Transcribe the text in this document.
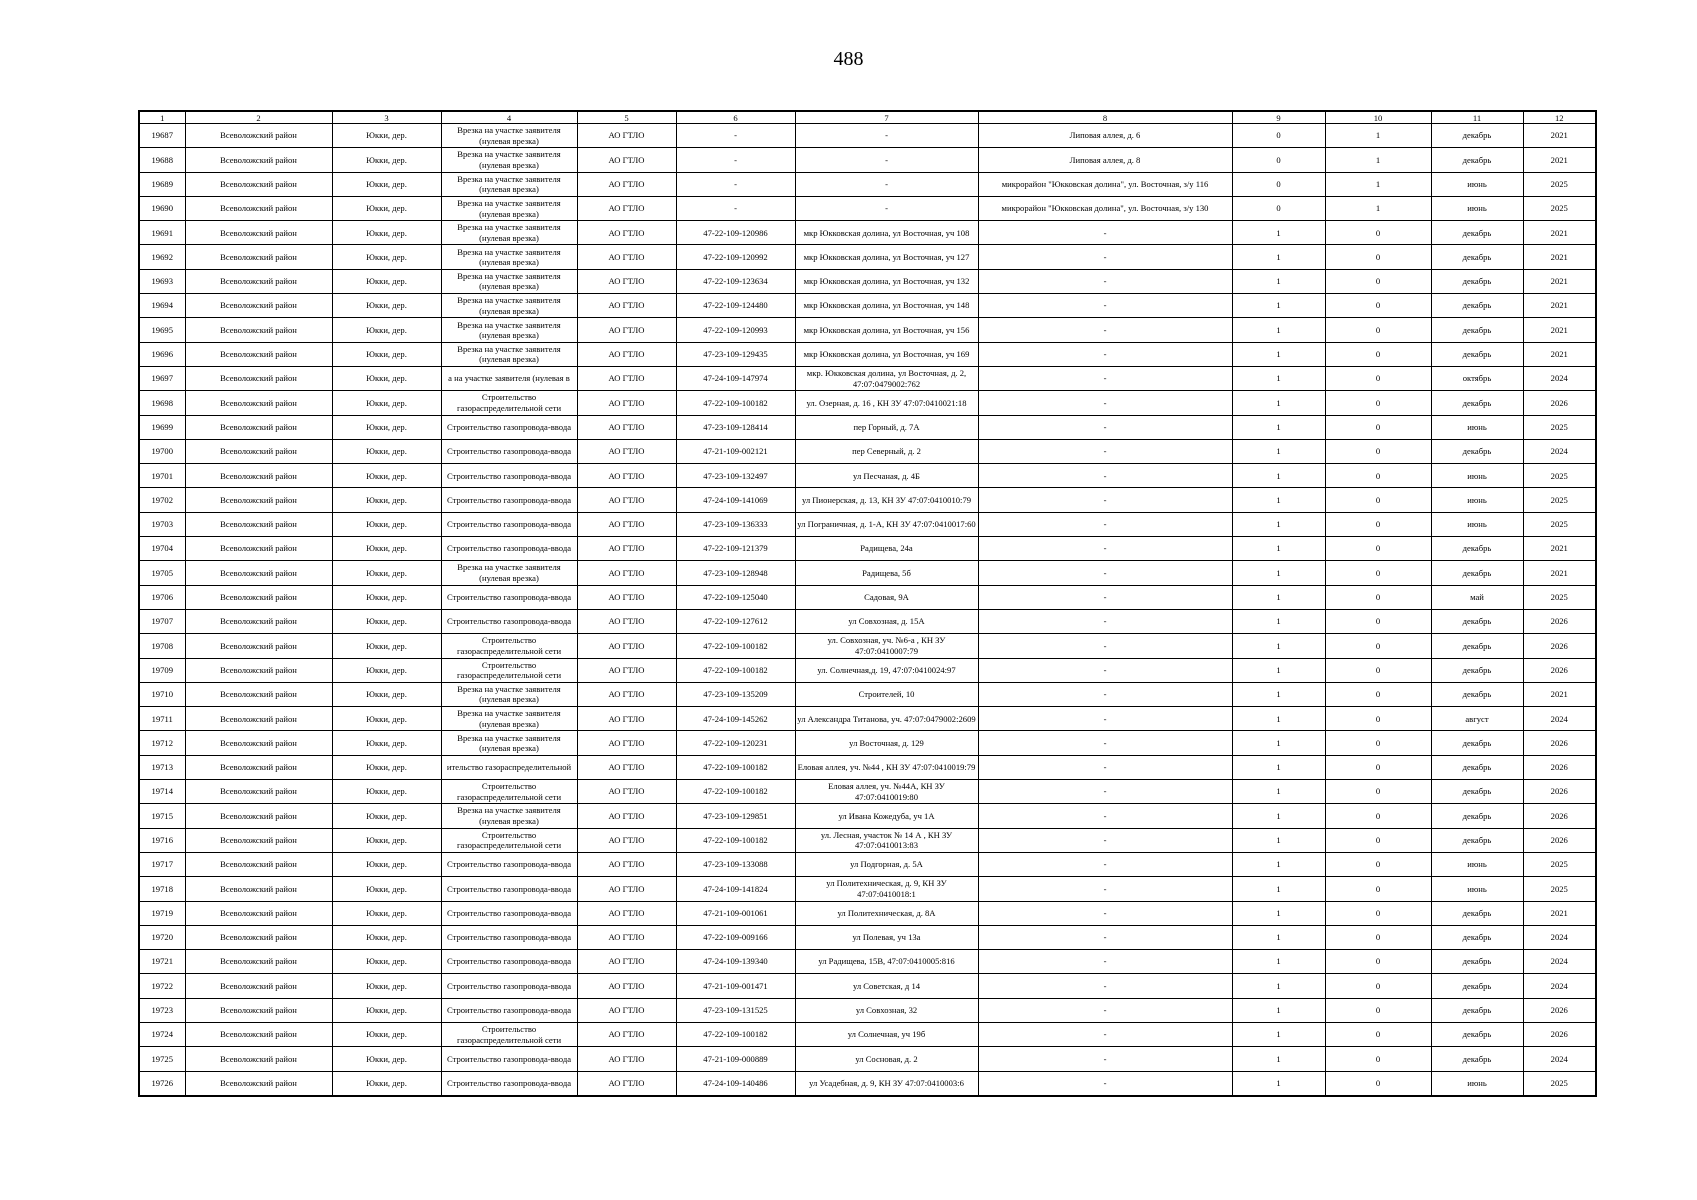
488
1	2	3	4	5	6	7	8	9	10	11	12
19687	Всеволожский район	Юкки, дер.	Врезка на участке заявителя (нулевая врезка)	АО ГТЛО	-	-	Липовая аллея, д. 6	0	1	декабрь	2021
19688	Всеволожский район	Юкки, дер.	Врезка на участке заявителя (нулевая врезка)	АО ГТЛО	-	-	Липовая аллея, д. 8	0	1	декабрь	2021
19689	Всеволожский район	Юкки, дер.	Врезка на участке заявителя (нулевая врезка)	АО ГТЛО	-	-	микрорайон "Юкковская долина", ул. Восточная, з/у 116	0	1	июнь	2025
19690	Всеволожский район	Юкки, дер.	Врезка на участке заявителя (нулевая врезка)	АО ГТЛО	-	-	микрорайон "Юкковская долина", ул. Восточная, з/у 130	0	1	июнь	2025
19691	Всеволожский район	Юкки, дер.	Врезка на участке заявителя (нулевая врезка)	АО ГТЛО	47-22-109-120986	мкр Юкковская долина, ул Восточная, уч 108	-	1	0	декабрь	2021
19692	Всеволожский район	Юкки, дер.	Врезка на участке заявителя (нулевая врезка)	АО ГТЛО	47-22-109-120992	мкр Юкковская долина, ул Восточная, уч 127	-	1	0	декабрь	2021
19693	Всеволожский район	Юкки, дер.	Врезка на участке заявителя (нулевая врезка)	АО ГТЛО	47-22-109-123634	мкр Юкковская долина, ул Восточная, уч 132	-	1	0	декабрь	2021
19694	Всеволожский район	Юкки, дер.	Врезка на участке заявителя (нулевая врезка)	АО ГТЛО	47-22-109-124480	мкр Юкковская долина, ул Восточная, уч 148	-	1	0	декабрь	2021
19695	Всеволожский район	Юкки, дер.	Врезка на участке заявителя (нулевая врезка)	АО ГТЛО	47-22-109-120993	мкр Юкковская долина, ул Восточная, уч 156	-	1	0	декабрь	2021
19696	Всеволожский район	Юкки, дер.	Врезка на участке заявителя (нулевая врезка)	АО ГТЛО	47-23-109-129435	мкр Юкковская долина, ул Восточная, уч 169	-	1	0	декабрь	2021
19697	Всеволожский район	Юкки, дер.	а на участке заявителя (нулевая в	АО ГТЛО	47-24-109-147974	мкр. Юкковская долина, ул Восточная, д. 2, 47:07:0479002:762	-	1	0	октябрь	2024
19698	Всеволожский район	Юкки, дер.	Строительство газораспределительной сети	АО ГТЛО	47-22-109-100182	ул. Озерная, д. 16 , КН ЗУ 47:07:0410021:18	-	1	0	декабрь	2026
19699	Всеволожский район	Юкки, дер.	Строительство газопровода-ввода	АО ГТЛО	47-23-109-128414	пер Горный, д. 7А	-	1	0	июнь	2025
19700	Всеволожский район	Юкки, дер.	Строительство газопровода-ввода	АО ГТЛО	47-21-109-002121	пер Северный, д. 2	-	1	0	декабрь	2024
19701	Всеволожский район	Юкки, дер.	Строительство газопровода-ввода	АО ГТЛО	47-23-109-132497	ул Песчаная, д. 4Б	-	1	0	июнь	2025
19702	Всеволожский район	Юкки, дер.	Строительство газопровода-ввода	АО ГТЛО	47-24-109-141069	ул Пионерская, д. 13, КН ЗУ 47:07:0410010:79	-	1	0	июнь	2025
19703	Всеволожский район	Юкки, дер.	Строительство газопровода-ввода	АО ГТЛО	47-23-109-136333	ул Пограничная, д. 1-А, КН ЗУ 47:07:0410017:60	-	1	0	июнь	2025
19704	Всеволожский район	Юкки, дер.	Строительство газопровода-ввода	АО ГТЛО	47-22-109-121379	Радищева, 24а	-	1	0	декабрь	2021
19705	Всеволожский район	Юкки, дер.	Врезка на участке заявителя (нулевая врезка)	АО ГТЛО	47-23-109-128948	Радищева, 5б	-	1	0	декабрь	2021
19706	Всеволожский район	Юкки, дер.	Строительство газопровода-ввода	АО ГТЛО	47-22-109-125040	Садовая, 9А	-	1	0	май	2025
19707	Всеволожский район	Юкки, дер.	Строительство газопровода-ввода	АО ГТЛО	47-22-109-127612	ул Совхозная, д. 15А	-	1	0	декабрь	2026
19708	Всеволожский район	Юкки, дер.	Строительство газораспределительной сети	АО ГТЛО	47-22-109-100182	ул. Совхозная, уч. №6-а , КН ЗУ 47:07:0410007:79	-	1	0	декабрь	2026
19709	Всеволожский район	Юкки, дер.	Строительство газораспределительной сети	АО ГТЛО	47-22-109-100182	ул. Солнечная,д. 19, 47:07:0410024:97	-	1	0	декабрь	2026
19710	Всеволожский район	Юкки, дер.	Врезка на участке заявителя (нулевая врезка)	АО ГТЛО	47-23-109-135209	Строителей, 10	-	1	0	декабрь	2021
19711	Всеволожский район	Юкки, дер.	Врезка на участке заявителя (нулевая врезка)	АО ГТЛО	47-24-109-145262	ул Александра Титанова, уч. 47:07:0479002:2609	-	1	0	август	2024
19712	Всеволожский район	Юкки, дер.	Врезка на участке заявителя (нулевая врезка)	АО ГТЛО	47-22-109-120231	ул Восточная, д. 129	-	1	0	декабрь	2026
19713	Всеволожский район	Юкки, дер.	ительство газораспределительной	АО ГТЛО	47-22-109-100182	Еловая аллея, уч. №44 , КН ЗУ 47:07:0410019:79	-	1	0	декабрь	2026
19714	Всеволожский район	Юкки, дер.	Строительство газораспределительной сети	АО ГТЛО	47-22-109-100182	Еловая аллея, уч. №44А, КН ЗУ 47:07:0410019:80	-	1	0	декабрь	2026
19715	Всеволожский район	Юкки, дер.	Врезка на участке заявителя (нулевая врезка)	АО ГТЛО	47-23-109-129851	ул Ивана Кожедуба, уч 1А	-	1	0	декабрь	2026
19716	Всеволожский район	Юкки, дер.	Строительство газораспределительной сети	АО ГТЛО	47-22-109-100182	ул. Лесная, участок № 14 А , КН ЗУ 47:07:0410013:83	-	1	0	декабрь	2026
19717	Всеволожский район	Юкки, дер.	Строительство газопровода-ввода	АО ГТЛО	47-23-109-133088	ул Подгорная, д. 5А	-	1	0	июнь	2025
19718	Всеволожский район	Юкки, дер.	Строительство газопровода-ввода	АО ГТЛО	47-24-109-141824	ул Политехническая, д. 9, КН ЗУ 47:07:0410018:1	-	1	0	июнь	2025
19719	Всеволожский район	Юкки, дер.	Строительство газопровода-ввода	АО ГТЛО	47-21-109-001061	ул Политехническая, д. 8А	-	1	0	декабрь	2021
19720	Всеволожский район	Юкки, дер.	Строительство газопровода-ввода	АО ГТЛО	47-22-109-009166	ул Полевая, уч 13а	-	1	0	декабрь	2024
19721	Всеволожский район	Юкки, дер.	Строительство газопровода-ввода	АО ГТЛО	47-24-109-139340	ул Радищева, 15В, 47:07:0410005:816	-	1	0	декабрь	2024
19722	Всеволожский район	Юкки, дер.	Строительство газопровода-ввода	АО ГТЛО	47-21-109-001471	ул Советская, д 14	-	1	0	декабрь	2024
19723	Всеволожский район	Юкки, дер.	Строительство газопровода-ввода	АО ГТЛО	47-23-109-131525	ул Совхозная, 32	-	1	0	декабрь	2026
19724	Всеволожский район	Юкки, дер.	Строительство газораспределительной сети	АО ГТЛО	47-22-109-100182	ул Солнечная, уч 19б	-	1	0	декабрь	2026
19725	Всеволожский район	Юкки, дер.	Строительство газопровода-ввода	АО ГТЛО	47-21-109-000889	ул Сосновая, д. 2	-	1	0	декабрь	2024
19726	Всеволожский район	Юкки, дер.	Строительство газопровода-ввода	АО ГТЛО	47-24-109-140486	ул Усадебная, д. 9, КН ЗУ 47:07:0410003:6	-	1	0	июнь	2025
